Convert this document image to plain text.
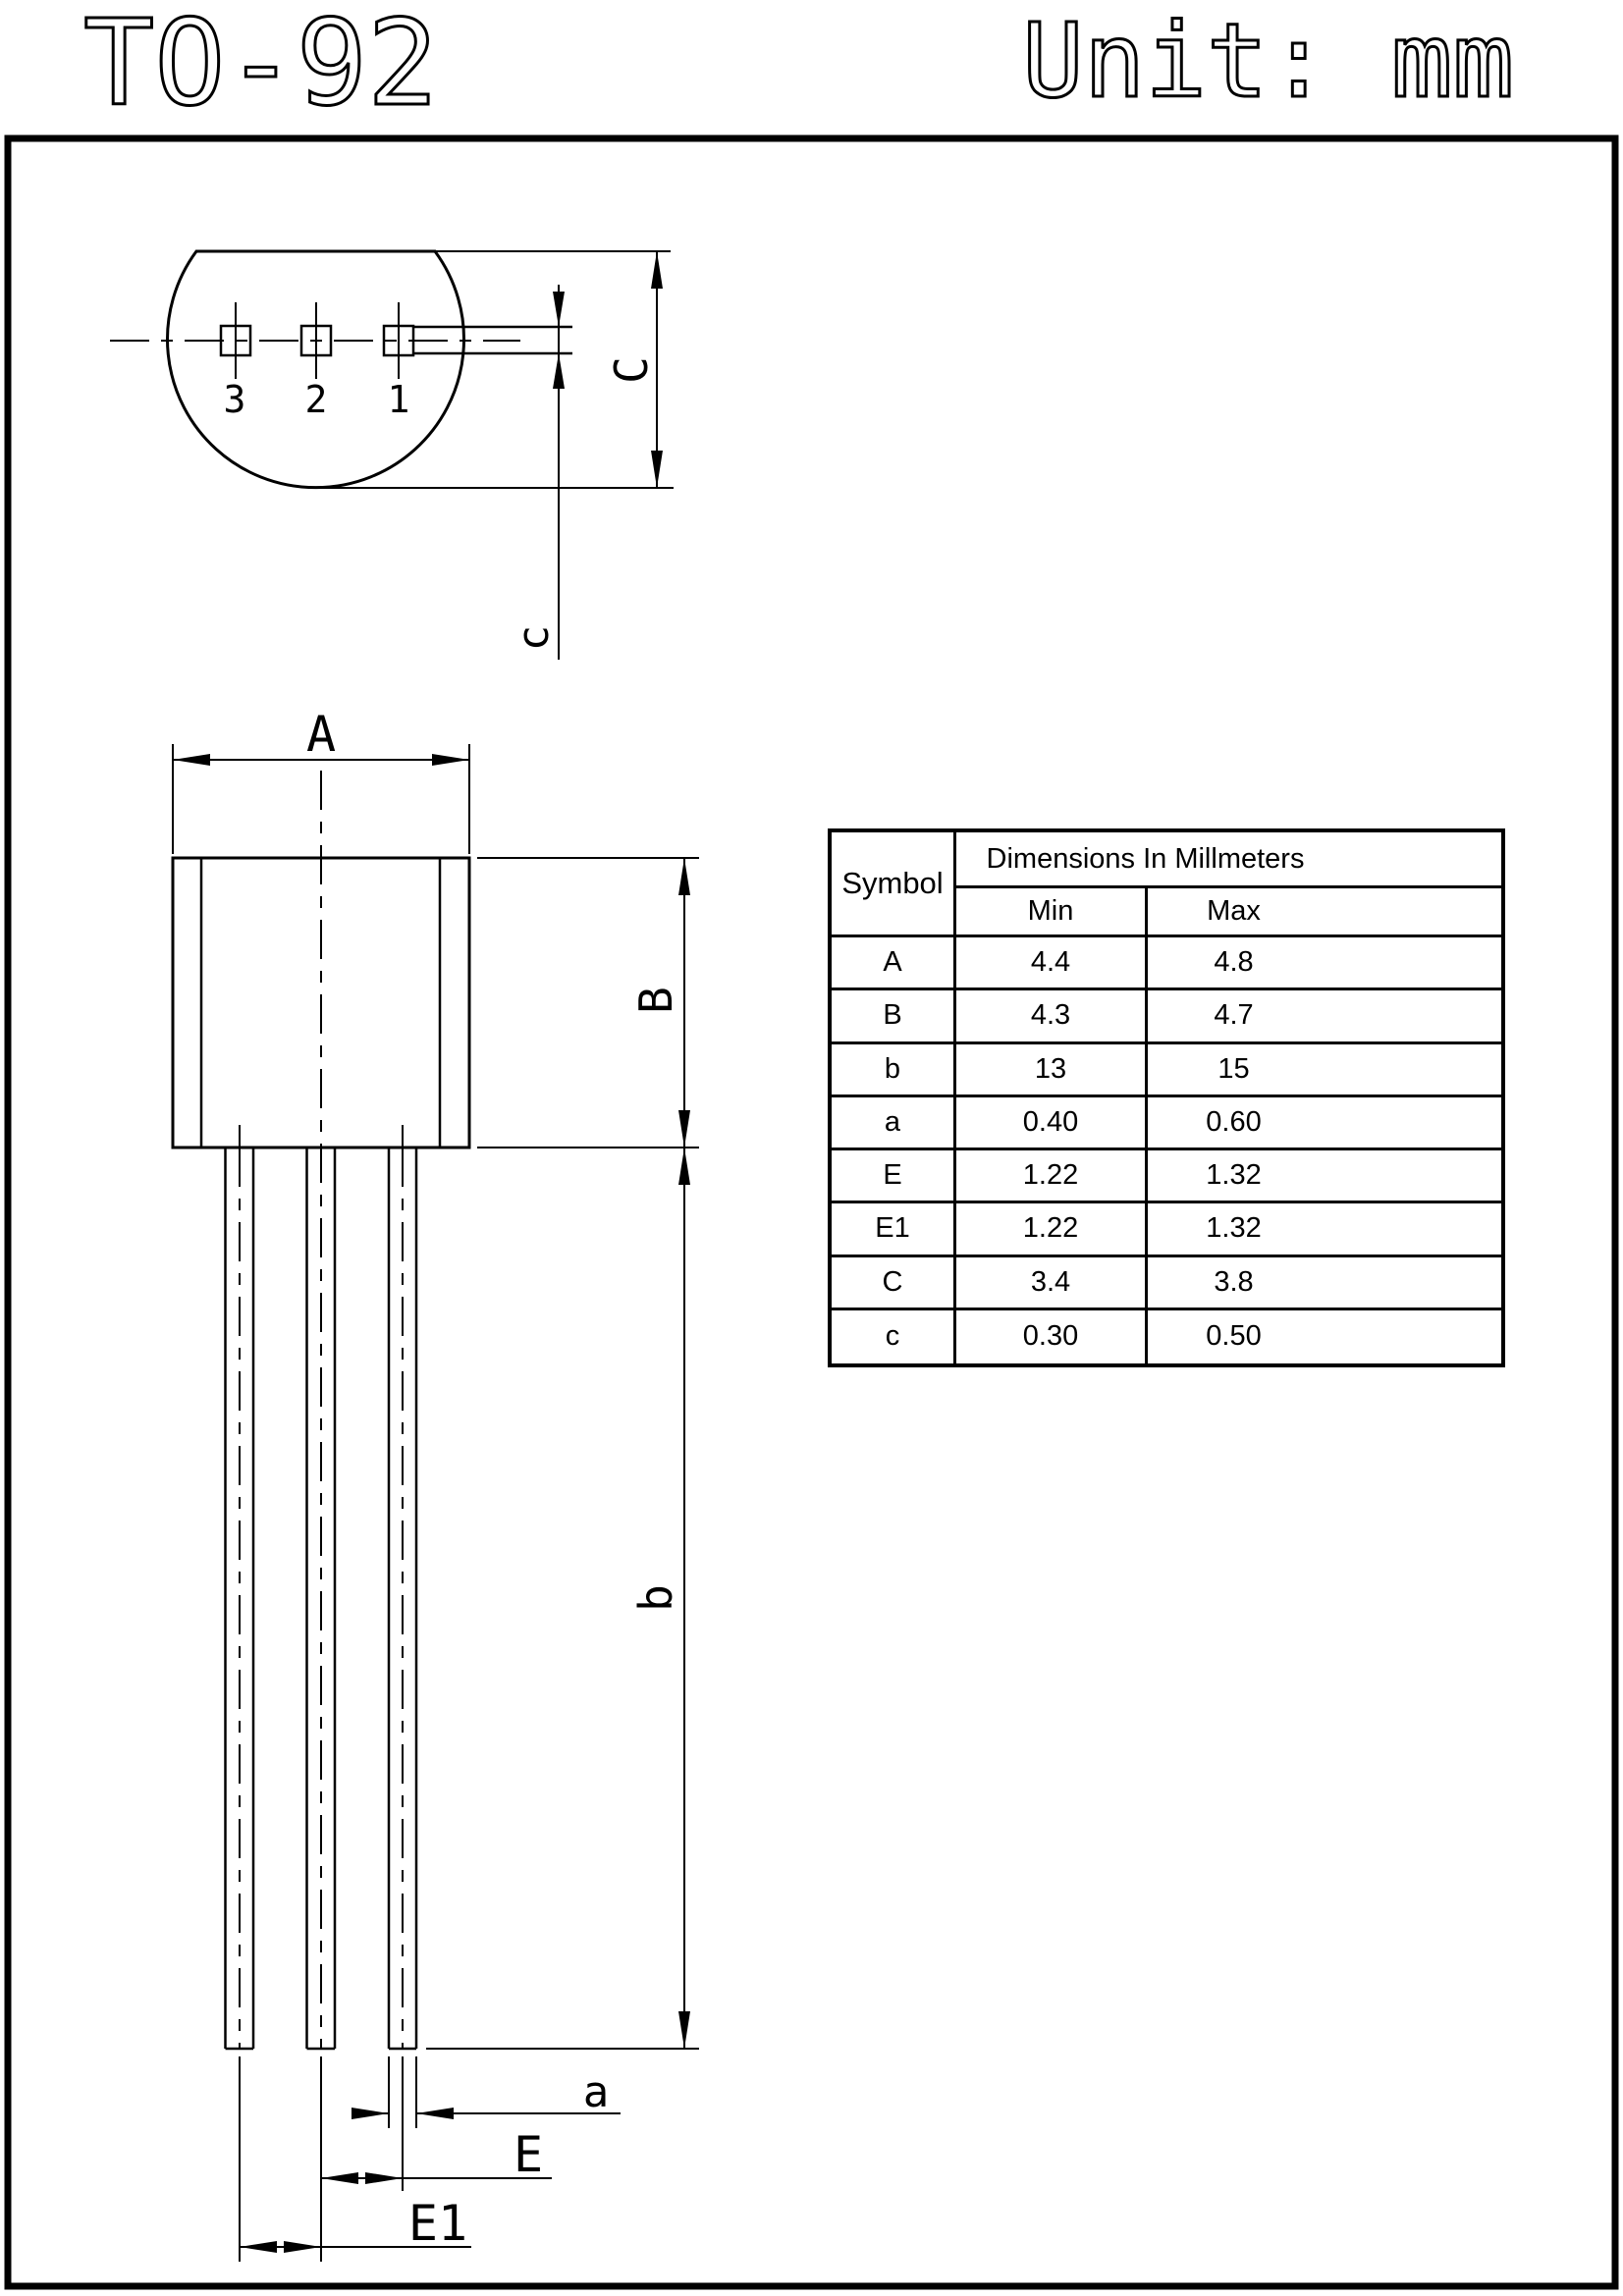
TO-92	Unit: mm
3 2 1
c
C
A
B
b
a
E
E1
Symbol
Dimensions In Millmeters
Min	Max
A	4.4	4.8
B	4.3	4.7
b	13	15
a	0.40	0.60
E	1.22	1.32
E1	1.22	1.32
C	3.4	3.8
c	0.30	0.50
